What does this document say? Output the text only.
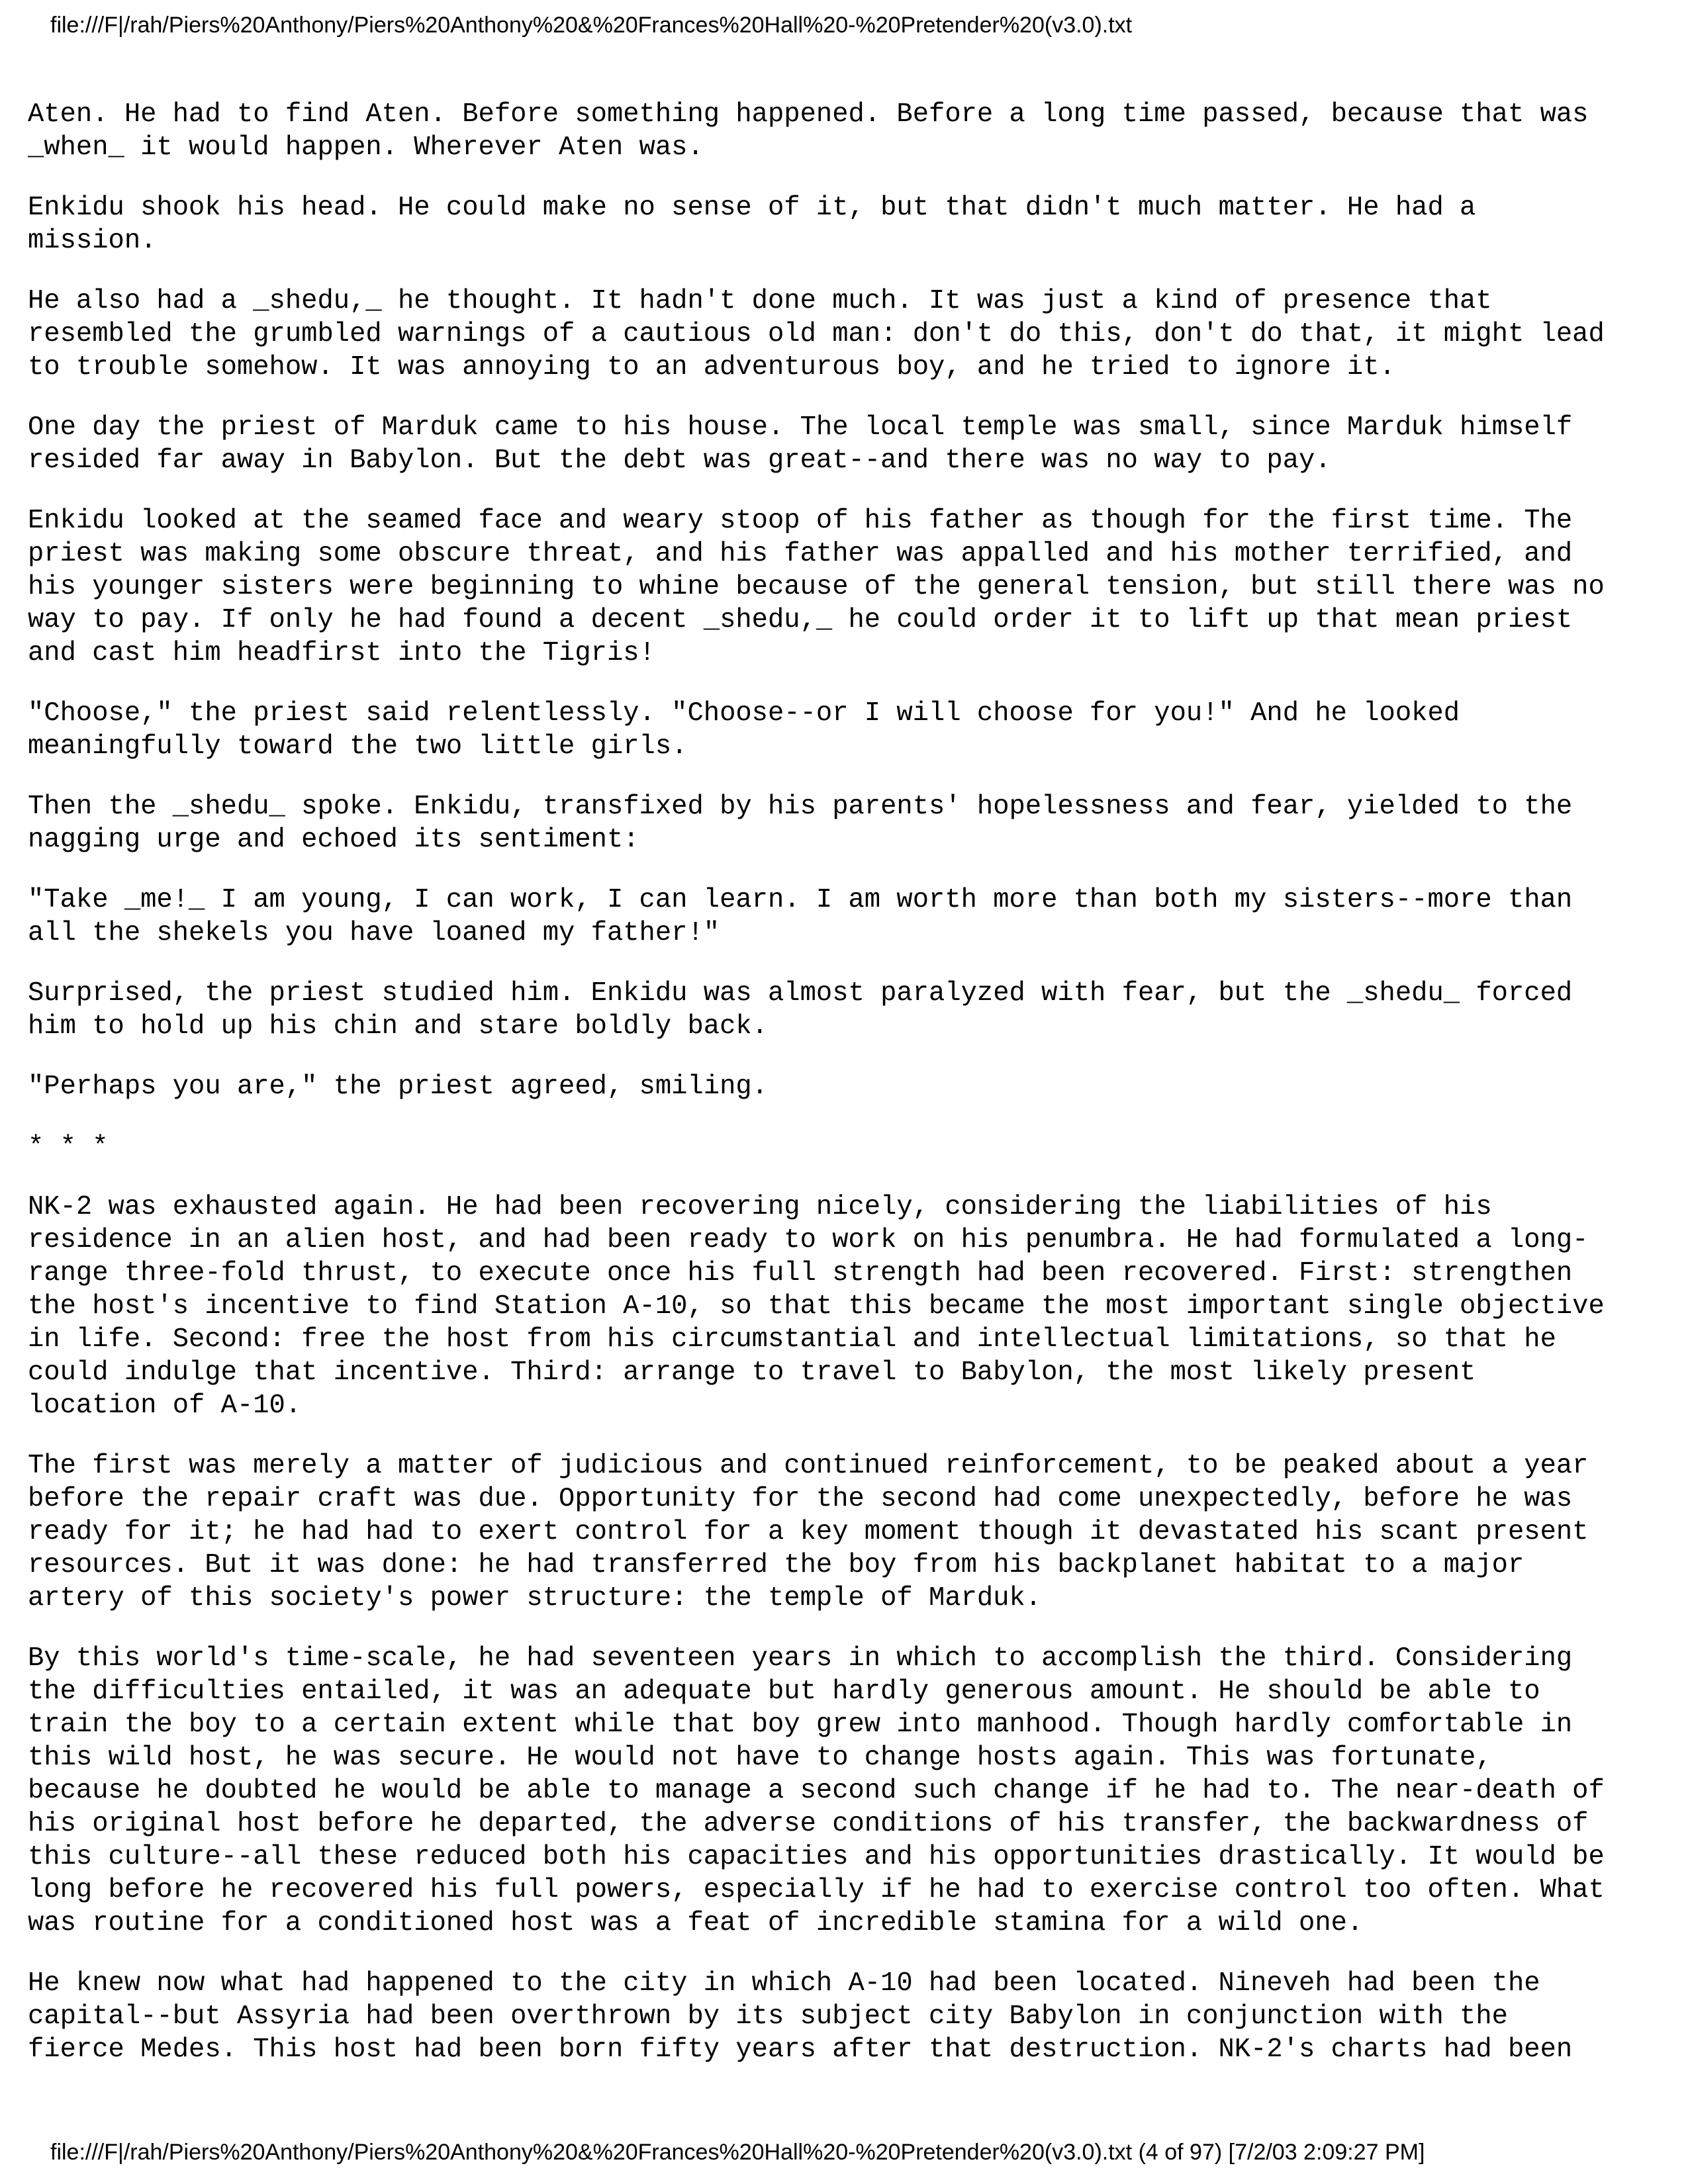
file:///F|/rah/Piers%20Anthony/Piers%20Anthony%20&%20Frances%20Hall%20-%20Pretender%20(v3.0).txt
Aten. He had to find Aten. Before something happened. Before a long time passed, because that was
_when_ it would happen. Wherever Aten was.
Enkidu shook his head. He could make no sense of it, but that didn't much matter. He had a
mission.
He also had a _shedu,_ he thought. It hadn't done much. It was just a kind of presence that
resembled the grumbled warnings of a cautious old man: don't do this, don't do that, it might lead
to trouble somehow. It was annoying to an adventurous boy, and he tried to ignore it.
One day the priest of Marduk came to his house. The local temple was small, since Marduk himself
resided far away in Babylon. But the debt was great--and there was no way to pay.
Enkidu looked at the seamed face and weary stoop of his father as though for the first time. The
priest was making some obscure threat, and his father was appalled and his mother terrified, and
his younger sisters were beginning to whine because of the general tension, but still there was no
way to pay. If only he had found a decent _shedu,_ he could order it to lift up that mean priest
and cast him headfirst into the Tigris!
"Choose," the priest said relentlessly. "Choose--or I will choose for you!" And he looked
meaningfully toward the two little girls.
Then the _shedu_ spoke. Enkidu, transfixed by his parents' hopelessness and fear, yielded to the
nagging urge and echoed its sentiment:
"Take _me!_ I am young, I can work, I can learn. I am worth more than both my sisters--more than
all the shekels you have loaned my father!"
Surprised, the priest studied him. Enkidu was almost paralyzed with fear, but the _shedu_ forced
him to hold up his chin and stare boldly back.
"Perhaps you are," the priest agreed, smiling.
* * *
NK-2 was exhausted again. He had been recovering nicely, considering the liabilities of his
residence in an alien host, and had been ready to work on his penumbra. He had formulated a long-
range three-fold thrust, to execute once his full strength had been recovered. First: strengthen
the host's incentive to find Station A-10, so that this became the most important single objective
in life. Second: free the host from his circumstantial and intellectual limitations, so that he
could indulge that incentive. Third: arrange to travel to Babylon, the most likely present
location of A-10.
The first was merely a matter of judicious and continued reinforcement, to be peaked about a year
before the repair craft was due. Opportunity for the second had come unexpectedly, before he was
ready for it; he had had to exert control for a key moment though it devastated his scant present
resources. But it was done: he had transferred the boy from his backplanet habitat to a major
artery of this society's power structure: the temple of Marduk.
By this world's time-scale, he had seventeen years in which to accomplish the third. Considering
the difficulties entailed, it was an adequate but hardly generous amount. He should be able to
train the boy to a certain extent while that boy grew into manhood. Though hardly comfortable in
this wild host, he was secure. He would not have to change hosts again. This was fortunate,
because he doubted he would be able to manage a second such change if he had to. The near-death of
his original host before he departed, the adverse conditions of his transfer, the backwardness of
this culture--all these reduced both his capacities and his opportunities drastically. It would be
long before he recovered his full powers, especially if he had to exercise control too often. What
was routine for a conditioned host was a feat of incredible stamina for a wild one.
He knew now what had happened to the city in which A-10 had been located. Nineveh had been the
capital--but Assyria had been overthrown by its subject city Babylon in conjunction with the
fierce Medes. This host had been born fifty years after that destruction. NK-2's charts had been
file:///F|/rah/Piers%20Anthony/Piers%20Anthony%20&%20Frances%20Hall%20-%20Pretender%20(v3.0).txt (4 of 97) [7/2/03 2:09:27 PM]
